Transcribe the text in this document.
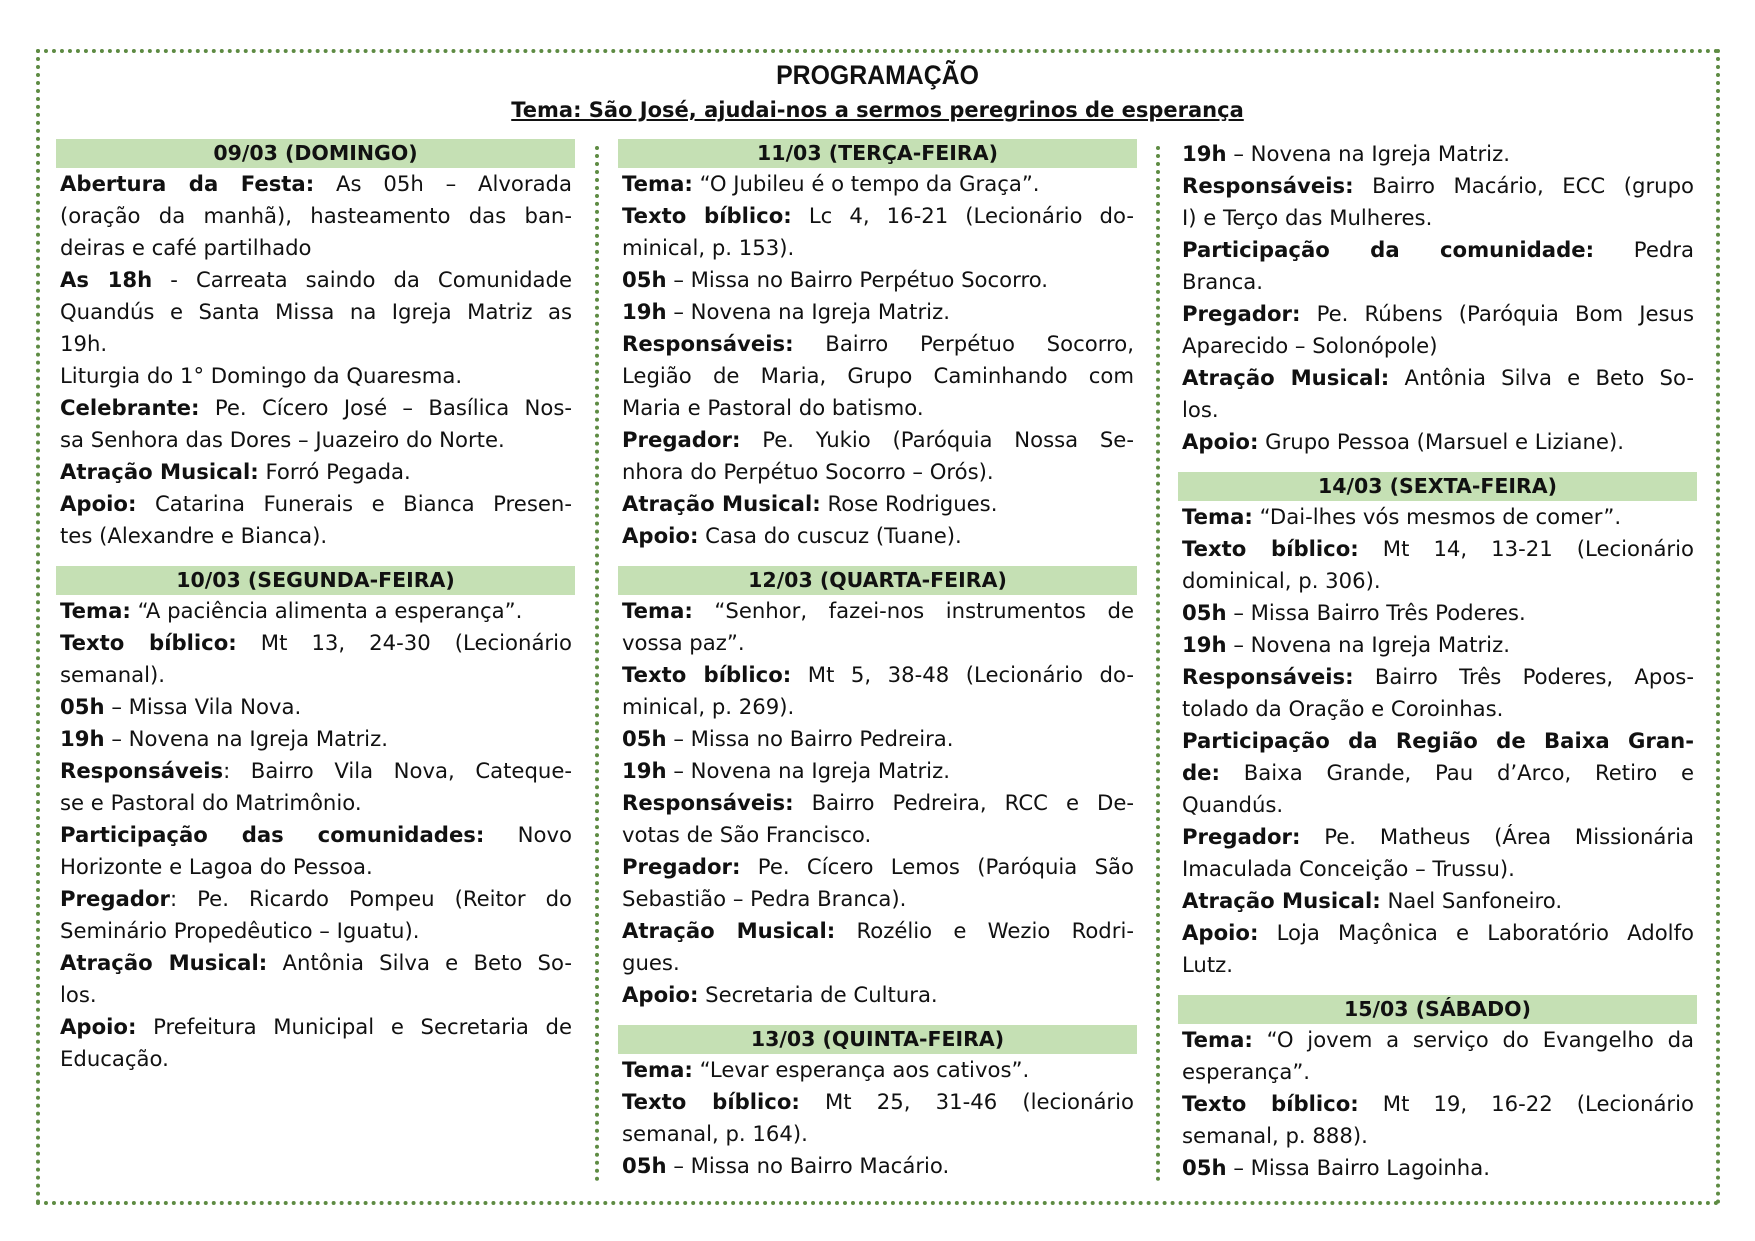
PROGRAMAÇÃO
Tema: São José, ajudai-nos a sermos peregrinos de esperança
09/03 (DOMINGO)
Abertura da Festa: As 05h – Alvorada
(oração da manhã), hasteamento das ban-
deiras e café partilhado
As 18h - Carreata saindo da Comunidade
Quandús e Santa Missa na Igreja Matriz as
19h.
Liturgia do 1° Domingo da Quaresma.
Celebrante: Pe. Cícero José – Basílica Nos-
sa Senhora das Dores – Juazeiro do Norte.
Atração Musical: Forró Pegada.
Apoio: Catarina Funerais e Bianca Presen-
tes (Alexandre e Bianca).
10/03 (SEGUNDA-FEIRA)
Tema: “A paciência alimenta a esperança”.
Texto bíblico: Mt 13, 24-30 (Lecionário
semanal).
05h – Missa Vila Nova.
19h – Novena na Igreja Matriz.
Responsáveis: Bairro Vila Nova, Cateque-
se e Pastoral do Matrimônio.
Participação das comunidades: Novo
Horizonte e Lagoa do Pessoa.
Pregador: Pe. Ricardo Pompeu (Reitor do
Seminário Propedêutico – Iguatu).
Atração Musical: Antônia Silva e Beto So-
los.
Apoio: Prefeitura Municipal e Secretaria de
Educação.
11/03 (TERÇA-FEIRA)
Tema: “O Jubileu é o tempo da Graça”.
Texto bíblico: Lc 4, 16-21 (Lecionário do-
minical, p. 153).
05h – Missa no Bairro Perpétuo Socorro.
19h – Novena na Igreja Matriz.
Responsáveis: Bairro Perpétuo Socorro,
Legião de Maria, Grupo Caminhando com
Maria e Pastoral do batismo.
Pregador: Pe. Yukio (Paróquia Nossa Se-
nhora do Perpétuo Socorro – Orós).
Atração Musical: Rose Rodrigues.
Apoio: Casa do cuscuz (Tuane).
12/03 (QUARTA-FEIRA)
Tema: “Senhor, fazei-nos instrumentos de
vossa paz”.
Texto bíblico: Mt 5, 38-48 (Lecionário do-
minical, p. 269).
05h – Missa no Bairro Pedreira.
19h – Novena na Igreja Matriz.
Responsáveis: Bairro Pedreira, RCC e De-
votas de São Francisco.
Pregador: Pe. Cícero Lemos (Paróquia São
Sebastião – Pedra Branca).
Atração Musical: Rozélio e Wezio Rodri-
gues.
Apoio: Secretaria de Cultura.
13/03 (QUINTA-FEIRA)
Tema: “Levar esperança aos cativos”.
Texto bíblico: Mt 25, 31-46 (lecionário
semanal, p. 164).
05h – Missa no Bairro Macário.
19h – Novena na Igreja Matriz.
Responsáveis: Bairro Macário, ECC (grupo
I) e Terço das Mulheres.
Participação da comunidade: Pedra
Branca.
Pregador: Pe. Rúbens (Paróquia Bom Jesus
Aparecido – Solonópole)
Atração Musical: Antônia Silva e Beto So-
los.
Apoio: Grupo Pessoa (Marsuel e Liziane).
14/03 (SEXTA-FEIRA)
Tema: “Dai-lhes vós mesmos de comer”.
Texto bíblico: Mt 14, 13-21 (Lecionário
dominical, p. 306).
05h – Missa Bairro Três Poderes.
19h – Novena na Igreja Matriz.
Responsáveis: Bairro Três Poderes, Apos-
tolado da Oração e Coroinhas.
Participação da Região de Baixa Gran-
de: Baixa Grande, Pau d’Arco, Retiro e
Quandús.
Pregador: Pe. Matheus (Área Missionária
Imaculada Conceição – Trussu).
Atração Musical: Nael Sanfoneiro.
Apoio: Loja Maçônica e Laboratório Adolfo
Lutz.
15/03 (SÁBADO)
Tema: “O jovem a serviço do Evangelho da
esperança”.
Texto bíblico: Mt 19, 16-22 (Lecionário
semanal, p. 888).
05h – Missa Bairro Lagoinha.
